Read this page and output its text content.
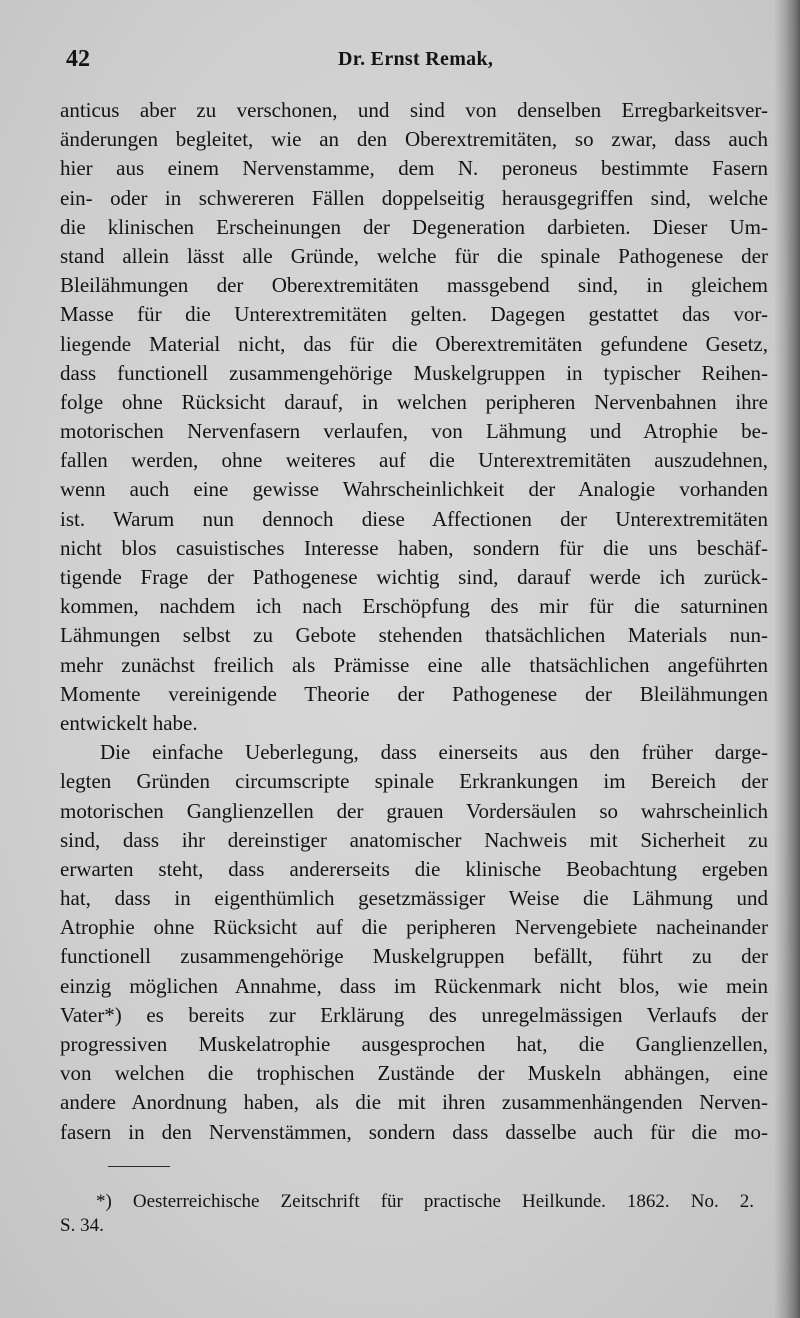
42	Dr. Ernst Remak,
anticus aber zu verschonen, und sind von denselben Erregbarkeitsver-
änderungen begleitet, wie an den Oberextremitäten, so zwar, dass auch
hier aus einem Nervenstamme, dem N. peroneus bestimmte Fasern
ein- oder in schwereren Fällen doppelseitig herausgegriffen sind, welche
die klinischen Erscheinungen der Degeneration darbieten. Dieser Um-
stand allein lässt alle Gründe, welche für die spinale Pathogenese der
Bleilähmungen der Oberextremitäten massgebend sind, in gleichem
Masse für die Unterextremitäten gelten. Dagegen gestattet das vor-
liegende Material nicht, das für die Oberextremitäten gefundene Gesetz,
dass functionell zusammengehörige Muskelgruppen in typischer Reihen-
folge ohne Rücksicht darauf, in welchen peripheren Nervenbahnen ihre
motorischen Nervenfasern verlaufen, von Lähmung und Atrophie be-
fallen werden, ohne weiteres auf die Unterextremitäten auszudehnen,
wenn auch eine gewisse Wahrscheinlichkeit der Analogie vorhanden
ist. Warum nun dennoch diese Affectionen der Unterextremitäten
nicht blos casuistisches Interesse haben, sondern für die uns beschäf-
tigende Frage der Pathogenese wichtig sind, darauf werde ich zurück-
kommen, nachdem ich nach Erschöpfung des mir für die saturninen
Lähmungen selbst zu Gebote stehenden thatsächlichen Materials nun-
mehr zunächst freilich als Prämisse eine alle thatsächlichen angeführten
Momente vereinigende Theorie der Pathogenese der Bleilähmungen
entwickelt habe.
Die einfache Ueberlegung, dass einerseits aus den früher darge-
legten Gründen circumscripte spinale Erkrankungen im Bereich der
motorischen Ganglienzellen der grauen Vordersäulen so wahrscheinlich
sind, dass ihr dereinstiger anatomischer Nachweis mit Sicherheit zu
erwarten steht, dass andererseits die klinische Beobachtung ergeben
hat, dass in eigenthümlich gesetzmässiger Weise die Lähmung und
Atrophie ohne Rücksicht auf die peripheren Nervengebiete nacheinander
functionell zusammengehörige Muskelgruppen befällt, führt zu der
einzig möglichen Annahme, dass im Rückenmark nicht blos, wie mein
Vater*) es bereits zur Erklärung des unregelmässigen Verlaufs der
progressiven Muskelatrophie ausgesprochen hat, die Ganglienzellen,
von welchen die trophischen Zustände der Muskeln abhängen, eine
andere Anordnung haben, als die mit ihren zusammenhängenden Nerven-
fasern in den Nervenstämmen, sondern dass dasselbe auch für die mo-
*) Oesterreichische Zeitschrift für practische Heilkunde. 1862. No. 2.
S. 34.
